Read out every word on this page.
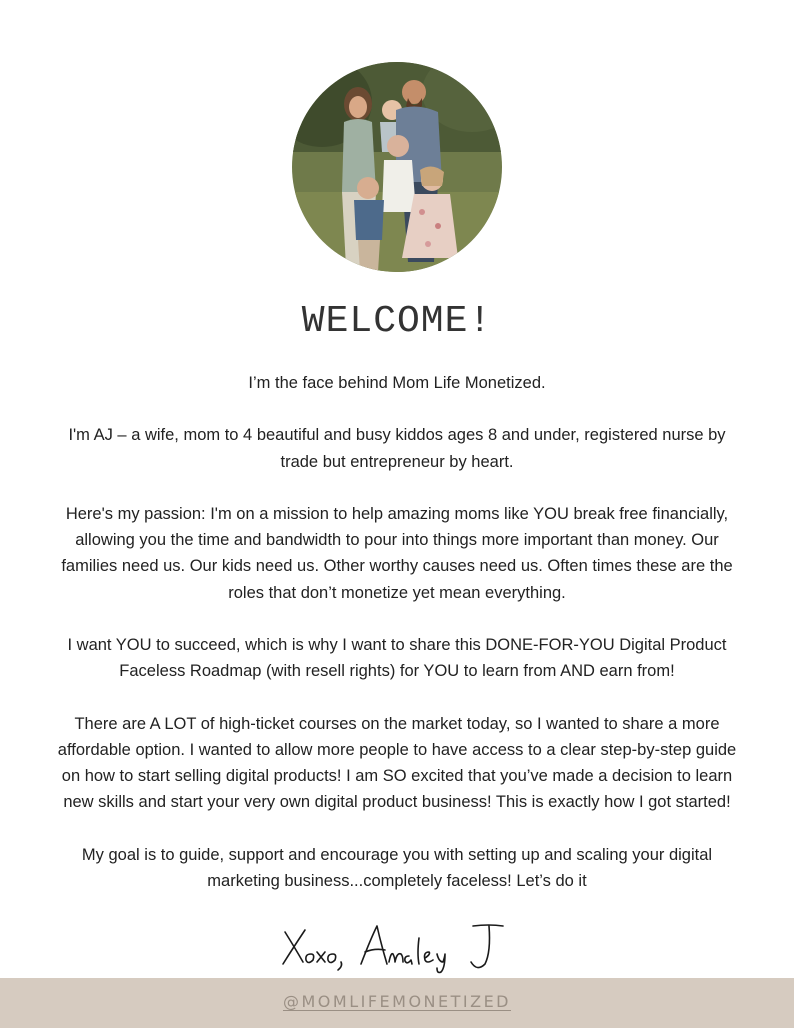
WELCOME!

I’m the face behind Mom Life Monetized.

I'm AJ – a wife, mom to 4 beautiful and busy kiddos ages 8 and under, registered nurse by trade but entrepreneur by heart.

Here's my passion: I'm on a mission to help amazing moms like YOU break free financially, allowing you the time and bandwidth to pour into things more important than money. Our families need us. Our kids need us. Other worthy causes need us. Often times these are the roles that don’t monetize yet mean everything.

I want YOU to succeed, which is why I want to share this DONE-FOR-YOU Digital Product Faceless Roadmap (with resell rights) for YOU to learn from AND earn from!

There are A LOT of high-ticket courses on the market today, so I wanted to share a more affordable option. I wanted to allow more people to have access to a clear step-by-step guide on how to start selling digital products! I am SO excited that you’ve made a decision to learn new skills and start your very own digital product business! This is exactly how I got started!

My goal is to guide, support and encourage you with setting up and scaling your digital marketing business...completely faceless! Let’s do it

@MOMLIFEMONETIZED
